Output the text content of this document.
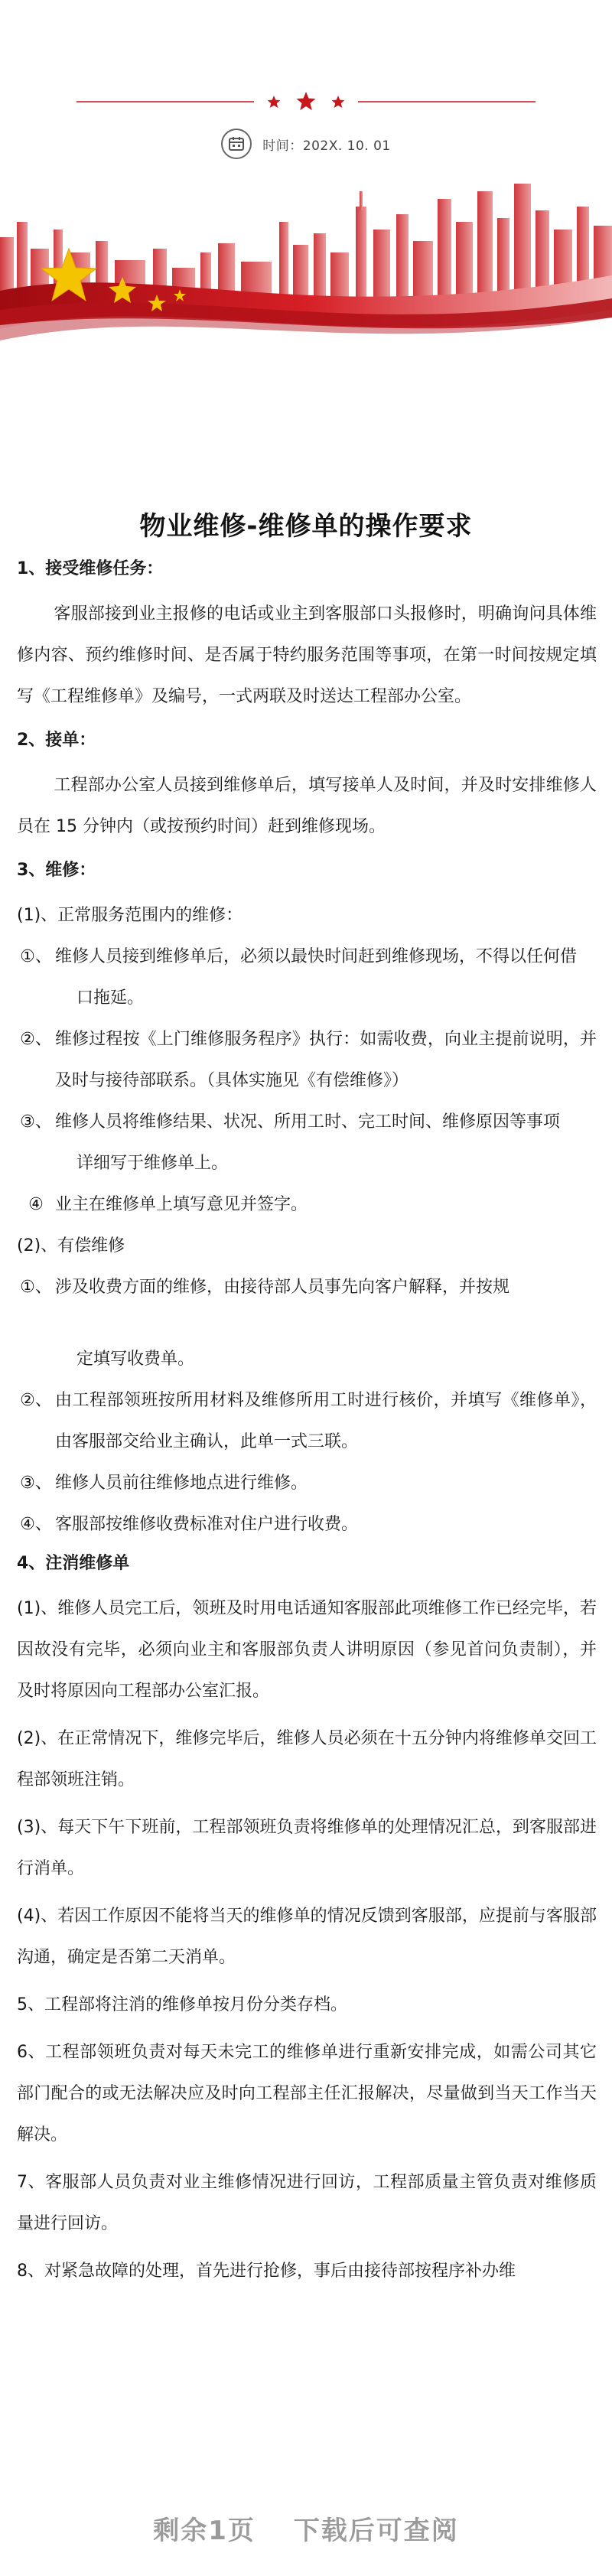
时间：202X. 10. 01
物业维修-维修单的操作要求
1、接受维修任务：

客服部接到业主报修的电话或业主到客服部口头报修时，明确询问具体维修内容、预约维修时间、是否属于特约服务范围等事项，在第一时间按规定填写《工程维修单》及编号，一式两联及时送达工程部办公室。

2、接单：

工程部办公室人员接到维修单后，填写接单人及时间，并及时安排维修人员在 15 分钟内（或按预约时间）赶到维修现场。

3、维修：
(1)、正常服务范围内的维修：
①、 维修人员接到维修单后，必须以最快时间赶到维修现场，不得以任何借
口拖延。
②、 维修过程按《上门维修服务程序》执行：如需收费，向业主提前说明，并及时与接待部联系。（具体实施见《有偿维修》）
③、 维修人员将维修结果、状况、所用工时、完工时间、维修原因等事项
详细写于维修单上。
④ 业主在维修单上填写意见并签字。
(2)、有偿维修
①、 涉及收费方面的维修，由接待部人员事先向客户解释，并按规
定填写收费单。
②、 由工程部领班按所用材料及维修所用工时进行核价，并填写《维修单》，由客服部交给业主确认，此单一式三联。
③、 维修人员前往维修地点进行维修。
④、 客服部按维修收费标准对住户进行收费。
4、注消维修单

(1)、维修人员完工后，领班及时用电话通知客服部此项维修工作已经完毕，若因故没有完毕，必须向业主和客服部负责人讲明原因（参见首问负责制），并及时将原因向工程部办公室汇报。

(2)、在正常情况下，维修完毕后，维修人员必须在十五分钟内将维修单交回工程部领班注销。

(3)、每天下午下班前，工程部领班负责将维修单的处理情况汇总，到客服部进行消单。

(4)、若因工作原因不能将当天的维修单的情况反馈到客服部，应提前与客服部沟通，确定是否第二天消单。

5、工程部将注消的维修单按月份分类存档。

6、工程部领班负责对每天未完工的维修单进行重新安排完成，如需公司其它部门配合的或无法解决应及时向工程部主任汇报解决，尽量做到当天工作当天解决。

7、客服部人员负责对业主维修情况进行回访，工程部质量主管负责对维修质量进行回访。

8、对紧急故障的处理，首先进行抢修，事后由接待部按程序补办维

剩余1页 下载后可查阅
